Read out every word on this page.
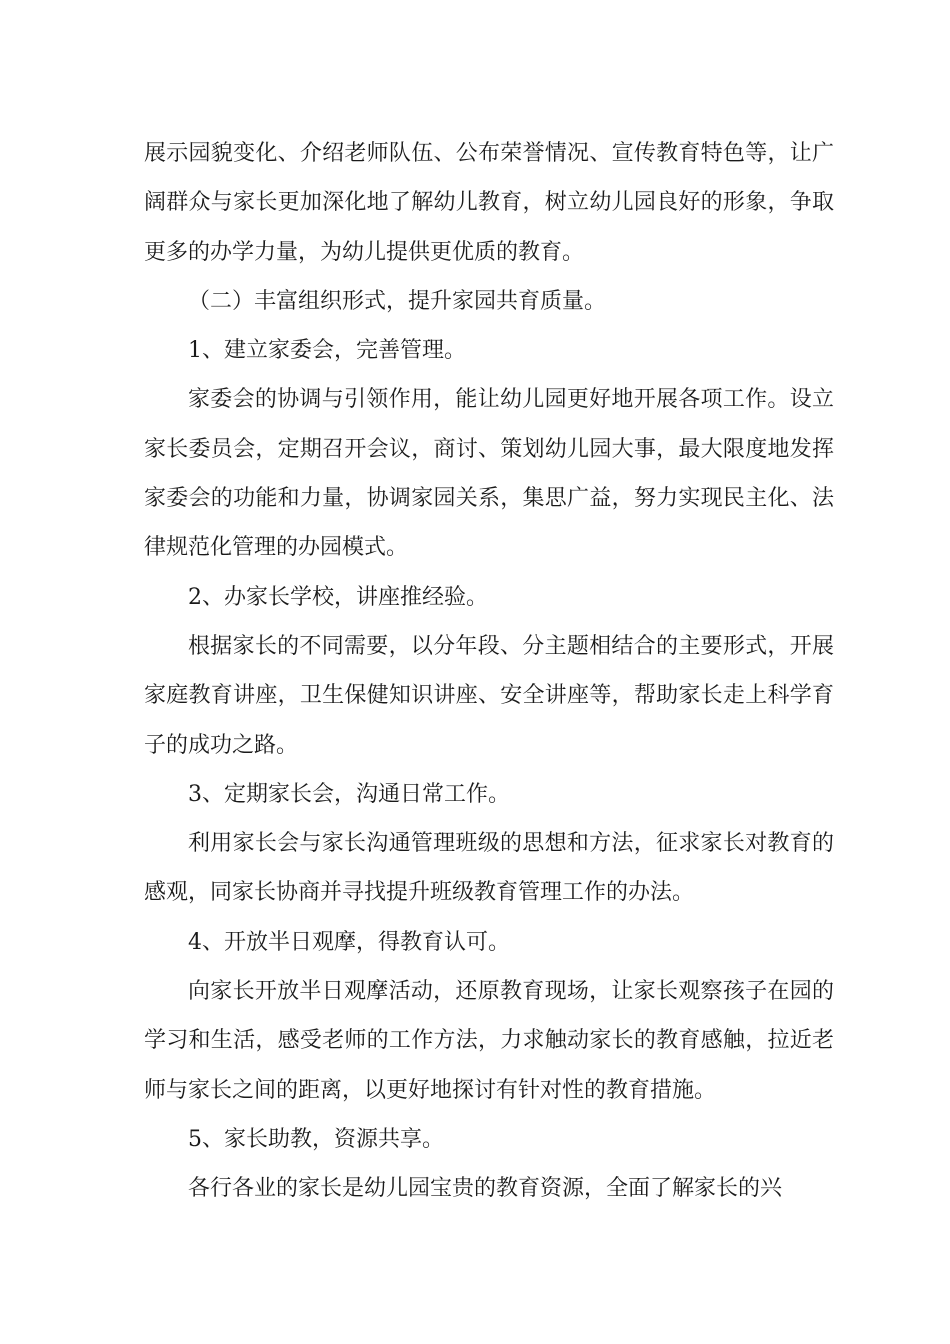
展示园貌变化、介绍老师队伍、公布荣誉情况、宣传教育特色等，让广阔群众与家长更加深化地了解幼儿教育，树立幼儿园良好的形象，争取更多的办学力量，为幼儿提供更优质的教育。

（二）丰富组织形式，提升家园共育质量。

1、建立家委会，完善管理。

家委会的协调与引领作用，能让幼儿园更好地开展各项工作。设立家长委员会，定期召开会议，商讨、策划幼儿园大事，最大限度地发挥家委会的功能和力量，协调家园关系，集思广益，努力实现民主化、法律规范化管理的办园模式。

2、办家长学校，讲座推经验。

根据家长的不同需要，以分年段、分主题相结合的主要形式，开展家庭教育讲座，卫生保健知识讲座、安全讲座等，帮助家长走上科学育子的成功之路。

3、定期家长会，沟通日常工作。

利用家长会与家长沟通管理班级的思想和方法，征求家长对教育的感观，同家长协商并寻找提升班级教育管理工作的办法。

4、开放半日观摩，得教育认可。

向家长开放半日观摩活动，还原教育现场，让家长观察孩子在园的学习和生活，感受老师的工作方法，力求触动家长的教育感触，拉近老师与家长之间的距离，以更好地探讨有针对性的教育措施。

5、家长助教，资源共享。

各行各业的家长是幼儿园宝贵的教育资源，全面了解家长的兴
